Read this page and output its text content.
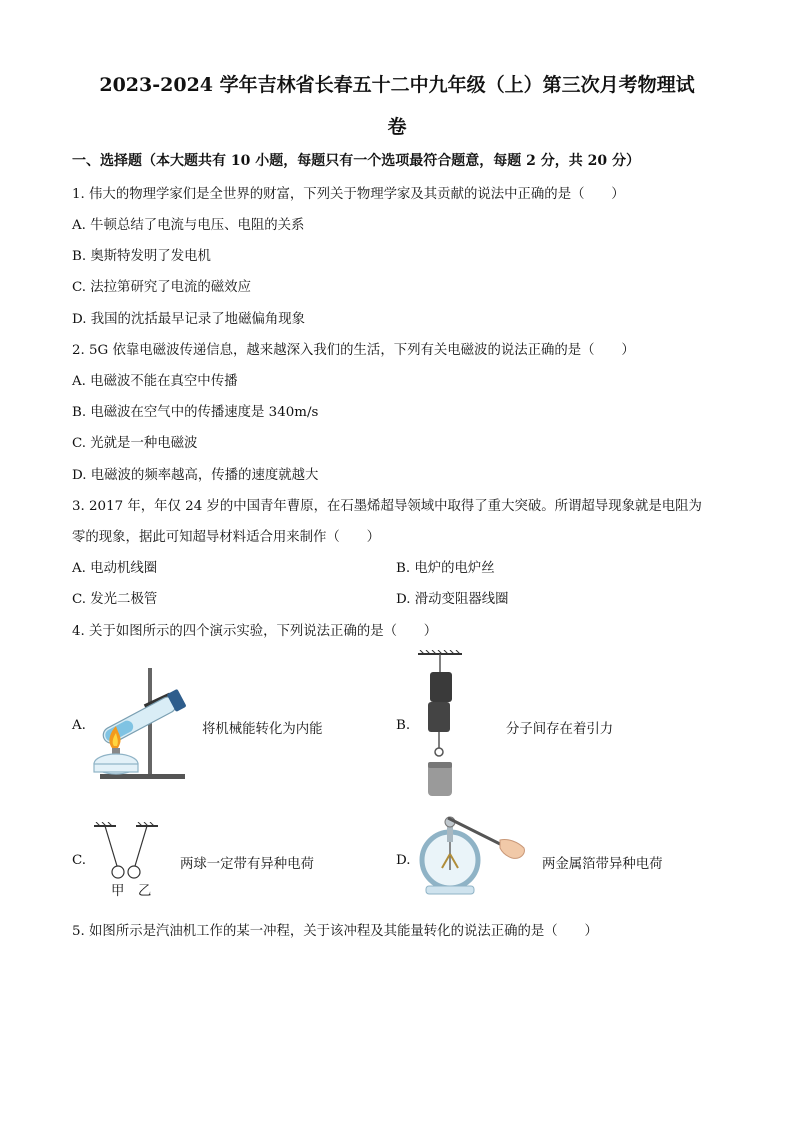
2023-2024 学年吉林省长春五十二中九年级（上）第三次月考物理试
卷
一、选择题（本大题共有 10 小题，每题只有一个选项最符合题意，每题 2 分，共 20 分）
1. 伟大的物理学家们是全世界的财富，下列关于物理学家及其贡献的说法中正确的是（　　）
A. 牛顿总结了电流与电压、电阻的关系
B. 奥斯特发明了发电机
C. 法拉第研究了电流的磁效应
D. 我国的沈括最早记录了地磁偏角现象
2. 5G 依靠电磁波传递信息，越来越深入我们的生活，下列有关电磁波的说法正确的是（　　）
A. 电磁波不能在真空中传播
B. 电磁波在空气中的传播速度是 340m/s
C. 光就是一种电磁波
D. 电磁波的频率越高，传播的速度就越大
3. 2017 年，年仅 24 岁的中国青年曹原，在石墨烯超导领域中取得了重大突破。所谓超导现象就是电阻为
零的现象，据此可知超导材料适合用来制作（　　）
A. 电动机线圈	B. 电炉的电炉丝
C. 发光二极管	D. 滑动变阻器线圈
4. 关于如图所示的四个演示实验，下列说法正确的是（　　）
A.	将机械能转化为内能	B.	分子间存在着引力
C.
甲 乙
两球一定带有异种电荷	D.	两金属箔带异种电荷
5. 如图所示是汽油机工作的某一冲程，关于该冲程及其能量转化的说法正确的是（　　）
